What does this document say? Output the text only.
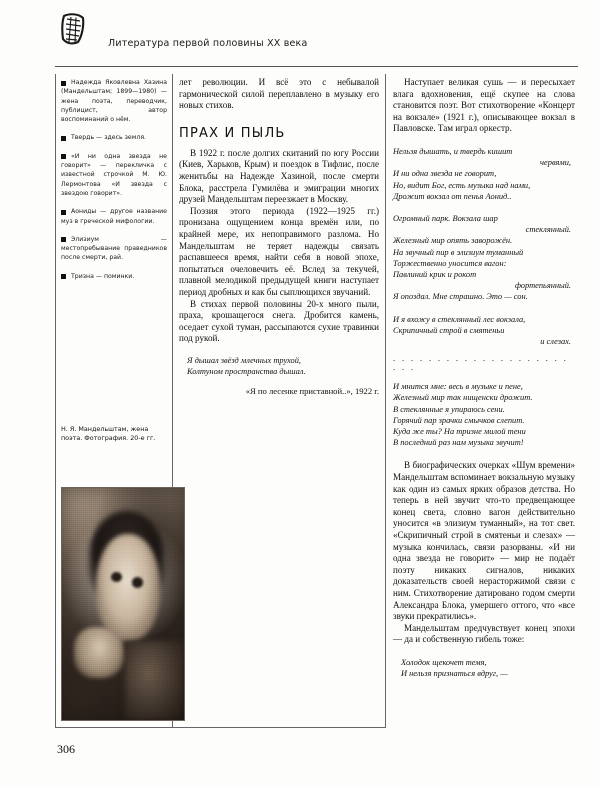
Литература первой половины XX века
Надежда Яковлевна Хазина (Мандельштам; 1899—1980) — жена поэта, переводчик, публицист, автор воспоминаний о нём.
Твердь — здесь земля.
«И ни одна звезда не говорит» — перекличка с известной строчкой М. Ю. Лермонтова «И звезда с звездою говорит».
Аониды — другое название муз в греческой мифологии.
Элизиум — местопребывание праведников после смерти, рай.
Тризна — поминки.
Н. Я. Мандельштам, жена поэта. Фотография. 20-е гг.
306

лет революции. И всё это с небывалой гармонической силой переплавлено в музыку его новых стихов.

ПРАХ И ПЫЛЬ

В 1922 г. после долгих скитаний по югу России (Киев, Харьков, Крым) и поездок в Тифлис, после женитьбы на Надежде Хазиной, после смерти Блока, расстрела Гумилёва и эмиграции многих друзей Мандельштам переезжает в Москву.

Поэзия этого периода (1922—1925 гг.) пронизана ощущением конца времён или, по крайней мере, их непоправимого разлома. Но Мандельштам не теряет надежды связать распавшееся время, найти себя в новой эпохе, попытаться очеловечить её. Вслед за текучей, плавной мелодикой предыдущей книги наступает период дробных и как бы сыплющихся звучаний.

В стихах первой половины 20-х много пыли, праха, крошащегося снега. Дробится камень, оседает сухой туман, рассыпаются сухие травинки под рукой.

Я дышал звёзд млечных трухой,
Колтуном пространства дышал.
«Я по лесенке приставной..», 1922 г.

Наступает великая сушь — и пересыхает влага вдохновения, ещё скупее на слова становится поэт. Вот стихотворение «Концерт на вокзале» (1921 г.), описывающее вокзал в Павловске. Там играл оркестр.

Нельзя дышать, и твердь кишит
червями,
И ни одна звезда не говорит,
Но, видит Бог, есть музыка над нами,
Дрожит вокзал от пенья Аонид..
Огромный парк. Вокзала шар
стеклянный.
Железный мир опять заворожён.
На звучный пир в элизиум туманный
Торжественно уносится вагон:
Павлиний крик и рокот
фортепьянный.
Я опоздал. Мне страшно. Это — сон.
И я вхожу в стеклянный лес вокзала,
Скрипичный строй в смятеньи
и слезах.
. . . . . . . . . . . . . . . . . . . . . . .
И мнится мне: весь в музыке и пене,
Железный мир так нищенски дрожит.
В стеклянные я упираюсь сени.
Горячий пар зрачки смычков слепит.
Куда же ты? На тризне милой тени
В последний раз нам музыка звучит!

В биографических очерках «Шум времени» Мандельштам вспоминает вокзальную музыку как один из самых ярких образов детства. Но теперь в ней звучит что-то предвещающее конец света, словно вагон действительно уносится «в элизиум туманный», на тот свет. «Скрипичный строй в смятеньи и слезах» — музыка кончилась, связи разорваны. «И ни одна звезда не говорит» — мир не подаёт поэту никаких сигналов, никаких доказательств своей нерасторжимой связи с ним. Стихотворение датировано годом смерти Александра Блока, умершего оттого, что «все звуки прекратились».

Мандельштам предчувствует конец эпохи — да и собственную гибель тоже:

Холодок щекочет темя,
И нельзя признаться вдруг, —
